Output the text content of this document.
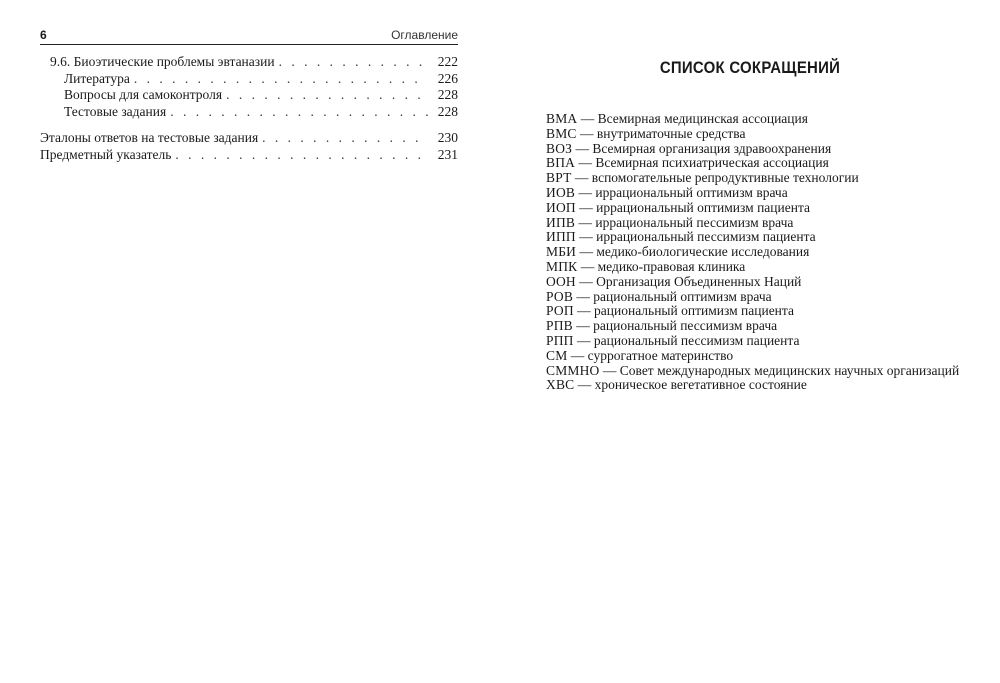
6	Оглавление
9.6. Биоэтические проблемы эвтаназии . . .	222
Литература . . .	226
Вопросы для самоконтроля . . .	228
Тестовые задания . . .	228
Эталоны ответов на тестовые задания . . .	230
Предметный указатель . . .	231
СПИСОК СОКРАЩЕНИЙ
ВМА — Всемирная медицинская ассоциация
ВМС — внутриматочные средства
ВОЗ — Всемирная организация здравоохранения
ВПА — Всемирная психиатрическая ассоциация
ВРТ — вспомогательные репродуктивные технологии
ИОВ — иррациональный оптимизм врача
ИОП — иррациональный оптимизм пациента
ИПВ — иррациональный пессимизм врача
ИПП — иррациональный пессимизм пациента
МБИ — медико-биологические исследования
МПК — медико-правовая клиника
ООН — Организация Объединенных Наций
РОВ — рациональный оптимизм врача
РОП — рациональный оптимизм пациента
РПВ — рациональный пессимизм врача
РПП — рациональный пессимизм пациента
СМ — суррогатное материнство
СММНО — Совет международных медицинских научных организаций
ХВС — хроническое вегетативное состояние
